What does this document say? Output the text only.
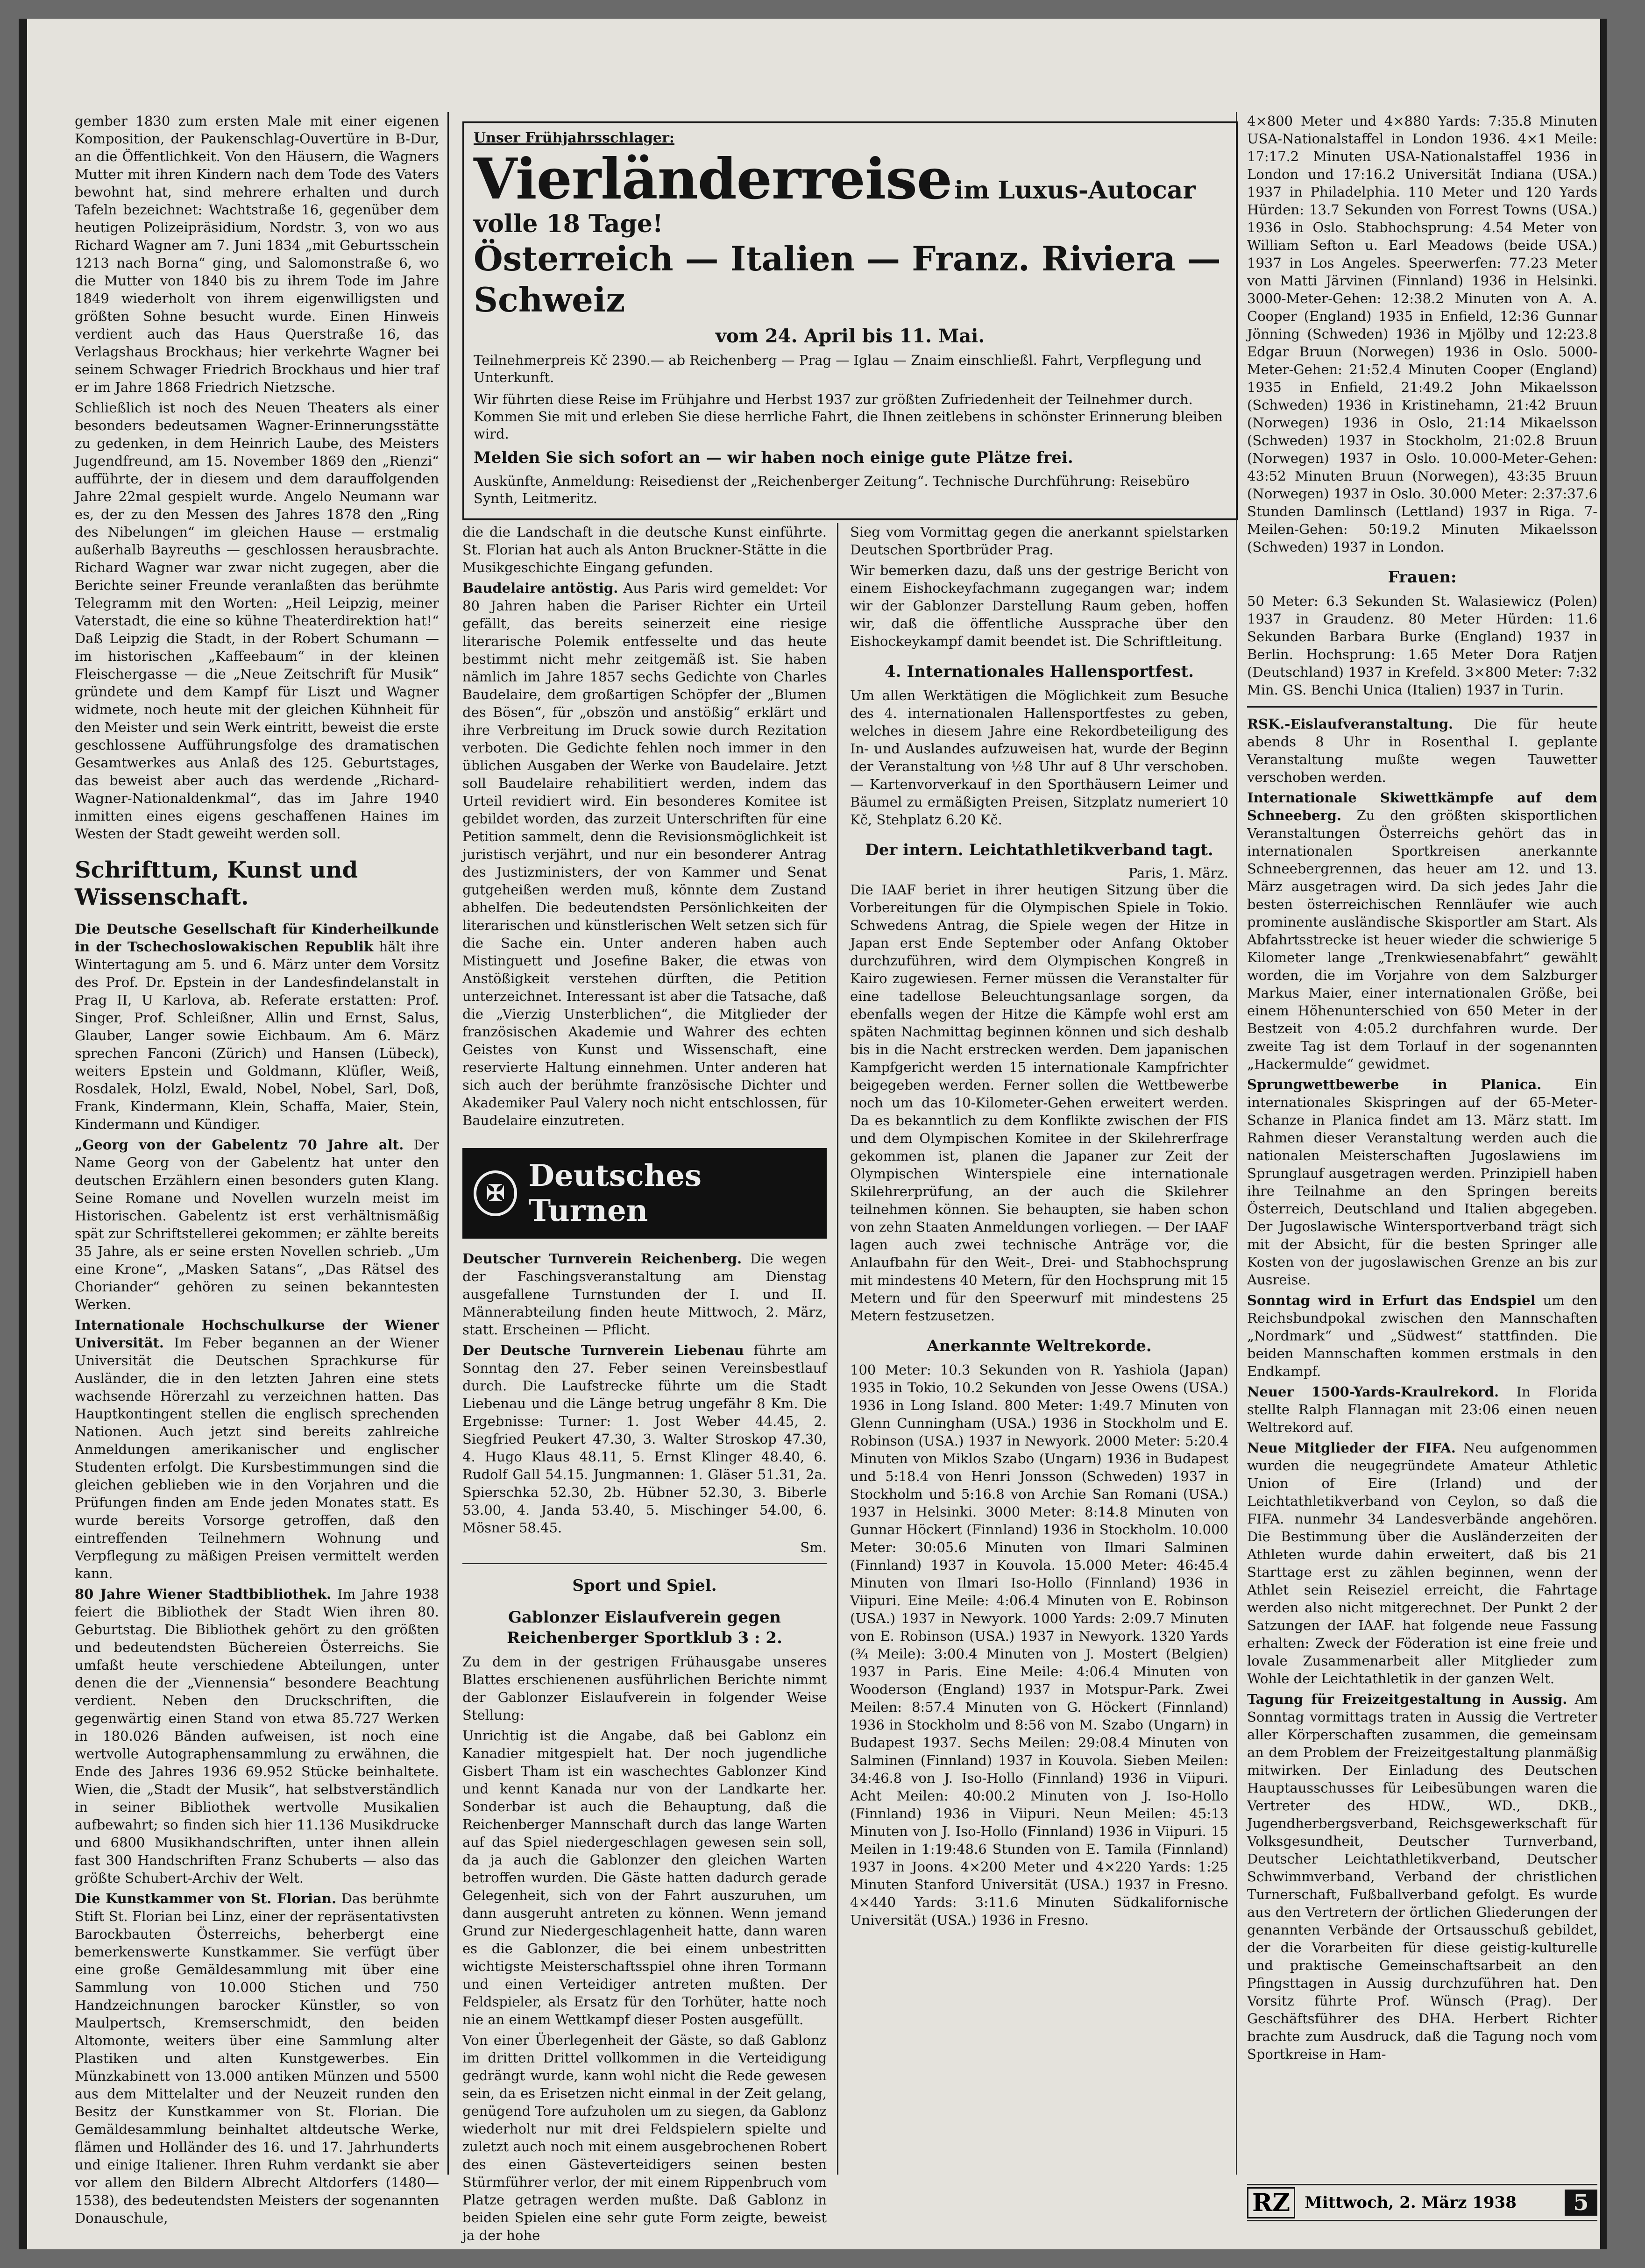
gember 1830 zum ersten Male mit einer eigenen Komposition, der Paukenschlag-Ouvertüre in B-Dur, an die Öffentlichkeit. Von den Häusern, die Wagners Mutter mit ihren Kindern nach dem Tode des Vaters bewohnt hat, sind mehrere erhalten und durch Tafeln bezeichnet: Wachtstraße 16, gegenüber dem heutigen Polizeipräsidium, Nordstr. 3, von wo aus Richard Wagner am 7. Juni 1834 „mit Geburtsschein 1213 nach Borna“ ging, und Salomonstraße 6, wo die Mutter von 1840 bis zu ihrem Tode im Jahre 1849 wiederholt von ihrem eigenwilligsten und größten Sohne besucht wurde. Einen Hinweis verdient auch das Haus Querstraße 16, das Verlagshaus Brockhaus; hier verkehrte Wagner bei seinem Schwager Friedrich Brockhaus und hier traf er im Jahre 1868 Friedrich Nietzsche.

Schließlich ist noch des Neuen Theaters als einer besonders bedeutsamen Wagner-Erinnerungsstätte zu gedenken, in dem Heinrich Laube, des Meisters Jugendfreund, am 15. November 1869 den „Rienzi“ aufführte, der in diesem und dem darauffolgenden Jahre 22mal gespielt wurde. Angelo Neumann war es, der zu den Messen des Jahres 1878 den „Ring des Nibelungen“ im gleichen Hause — erstmalig außerhalb Bayreuths — geschlossen herausbrachte. Richard Wagner war zwar nicht zugegen, aber die Berichte seiner Freunde veranlaßten das berühmte Telegramm mit den Worten: „Heil Leipzig, meiner Vaterstadt, die eine so kühne Theaterdirektion hat!“ Daß Leipzig die Stadt, in der Robert Schumann — im historischen „Kaffeebaum“ in der kleinen Fleischergasse — die „Neue Zeitschrift für Musik“ gründete und dem Kampf für Liszt und Wagner widmete, noch heute mit der gleichen Kühnheit für den Meister und sein Werk eintritt, beweist die erste geschlossene Aufführungsfolge des dramatischen Gesamtwerkes aus Anlaß des 125. Geburtstages, das beweist aber auch das werdende „Richard-Wagner-Nationaldenkmal“, das im Jahre 1940 inmitten eines eigens geschaffenen Haines im Westen der Stadt geweiht werden soll.

Schrifttum, Kunst und Wissenschaft.

Die Deutsche Gesellschaft für Kinderheilkunde in der Tschechoslowakischen Republik hält ihre Wintertagung am 5. und 6. März unter dem Vorsitz des Prof. Dr. Epstein in der Landesfindelanstalt in Prag II, U Karlova, ab. Referate erstatten: Prof. Singer, Prof. Schleißner, Allin und Ernst, Salus, Glauber, Langer sowie Eichbaum. Am 6. März sprechen Fanconi (Zürich) und Hansen (Lübeck), weiters Epstein und Goldmann, Klüfler, Weiß, Rosdalek, Holzl, Ewald, Nobel, Nobel, Sarl, Doß, Frank, Kindermann, Klein, Schaffa, Maier, Stein, Kindermann und Kündiger.

„Georg von der Gabelentz 70 Jahre alt. Der Name Georg von der Gabelentz hat unter den deutschen Erzählern einen besonders guten Klang. Seine Romane und Novellen wurzeln meist im Historischen. Gabelentz ist erst verhältnismäßig spät zur Schriftstellerei gekommen; er zählte bereits 35 Jahre, als er seine ersten Novellen schrieb. „Um eine Krone“, „Masken Satans“, „Das Rätsel des Choriander“ gehören zu seinen bekanntesten Werken.

Internationale Hochschulkurse der Wiener Universität. Im Feber begannen an der Wiener Universität die Deutschen Sprachkurse für Ausländer, die in den letzten Jahren eine stets wachsende Hörerzahl zu verzeichnen hatten. Das Hauptkontingent stellen die englisch sprechenden Nationen. Auch jetzt sind bereits zahlreiche Anmeldungen amerikanischer und englischer Studenten erfolgt. Die Kursbestimmungen sind die gleichen geblieben wie in den Vorjahren und die Prüfungen finden am Ende jeden Monates statt. Es wurde bereits Vorsorge getroffen, daß den eintreffenden Teilnehmern Wohnung und Verpflegung zu mäßigen Preisen vermittelt werden kann.

80 Jahre Wiener Stadtbibliothek. Im Jahre 1938 feiert die Bibliothek der Stadt Wien ihren 80. Geburtstag. Die Bibliothek gehört zu den größten und bedeutendsten Büchereien Österreichs. Sie umfaßt heute verschiedene Abteilungen, unter denen die der „Viennensia“ besondere Beachtung verdient. Neben den Druckschriften, die gegenwärtig einen Stand von etwa 85.727 Werken in 180.026 Bänden aufweisen, ist noch eine wertvolle Autographensammlung zu erwähnen, die Ende des Jahres 1936 69.952 Stücke beinhaltete. Wien, die „Stadt der Musik“, hat selbstverständlich in seiner Bibliothek wertvolle Musikalien aufbewahrt; so finden sich hier 11.136 Musikdrucke und 6800 Musikhandschriften, unter ihnen allein fast 300 Handschriften Franz Schuberts — also das größte Schubert-Archiv der Welt.

Die Kunstkammer von St. Florian. Das berühmte Stift St. Florian bei Linz, einer der repräsentativsten Barockbauten Österreichs, beherbergt eine bemerkenswerte Kunstkammer. Sie verfügt über eine große Gemäldesammlung mit über eine Sammlung von 10.000 Stichen und 750 Handzeichnungen barocker Künstler, so von Maulpertsch, Kremserschmidt, den beiden Altomonte, weiters über eine Sammlung alter Plastiken und alten Kunstgewerbes. Ein Münzkabinett von 13.000 antiken Münzen und 5500 aus dem Mittelalter und der Neuzeit runden den Besitz der Kunstkammer von St. Florian. Die Gemäldesammlung beinhaltet altdeutsche Werke, flämen und Holländer des 16. und 17. Jahrhunderts und einige Italiener. Ihren Ruhm verdankt sie aber vor allem den Bildern Albrecht Altdorfers (1480—1538), des bedeutendsten Meisters der sogenannten Donauschule,

Unser Frühjahrsschlager:
Vierländerreise im Luxus-Autocar volle 18 Tage!
Österreich — Italien — Franz. Riviera — Schweiz
vom 24. April bis 11. Mai.
Teilnehmerpreis Kč 2390.— ab Reichenberg — Prag — Iglau — Znaim einschließl. Fahrt, Verpflegung und Unterkunft.
Wir führten diese Reise im Frühjahre und Herbst 1937 zur größten Zufriedenheit der Teilnehmer durch. Kommen Sie mit und erleben Sie diese herrliche Fahrt, die Ihnen zeitlebens in schönster Erinnerung bleiben wird.
Melden Sie sich sofort an — wir haben noch einige gute Plätze frei.
Auskünfte, Anmeldung: Reisedienst der „Reichenberger Zeitung“. Technische Durchführung: Reisebüro Synth, Leitmeritz.

die die Landschaft in die deutsche Kunst einführte. St. Florian hat auch als Anton Bruckner-Stätte in die Musikgeschichte Eingang gefunden.

Baudelaire antöstig. Aus Paris wird gemeldet: Vor 80 Jahren haben die Pariser Richter ein Urteil gefällt, das bereits seinerzeit eine riesige literarische Polemik entfesselte und das heute bestimmt nicht mehr zeitgemäß ist. Sie haben nämlich im Jahre 1857 sechs Gedichte von Charles Baudelaire, dem großartigen Schöpfer der „Blumen des Bösen“, für „obszön und anstößig“ erklärt und ihre Verbreitung im Druck sowie durch Rezitation verboten. Die Gedichte fehlen noch immer in den üblichen Ausgaben der Werke von Baudelaire. Jetzt soll Baudelaire rehabilitiert werden, indem das Urteil revidiert wird. Ein besonderes Komitee ist gebildet worden, das zurzeit Unterschriften für eine Petition sammelt, denn die Revisionsmöglichkeit ist juristisch verjährt, und nur ein besonderer Antrag des Justizministers, der von Kammer und Senat gutgeheißen werden muß, könnte dem Zustand abhelfen. Die bedeutendsten Persönlichkeiten der literarischen und künstlerischen Welt setzen sich für die Sache ein. Unter anderen haben auch Mistinguett und Josefine Baker, die etwas von Anstößigkeit verstehen dürften, die Petition unterzeichnet. Interessant ist aber die Tatsache, daß die „Vierzig Unsterblichen“, die Mitglieder der französischen Akademie und Wahrer des echten Geistes von Kunst und Wissenschaft, eine reservierte Haltung einnehmen. Unter anderen hat sich auch der berühmte französische Dichter und Akademiker Paul Valery noch nicht entschlossen, für Baudelaire einzutreten.

✠ Deutsches Turnen

Deutscher Turnverein Reichenberg. Die wegen der Faschingsveranstaltung am Dienstag ausgefallene Turnstunden der I. und II. Männerabteilung finden heute Mittwoch, 2. März, statt. Erscheinen — Pflicht.

Der Deutsche Turnverein Liebenau führte am Sonntag den 27. Feber seinen Vereinsbestlauf durch. Die Laufstrecke führte um die Stadt Liebenau und die Länge betrug ungefähr 8 Km. Die Ergebnisse: Turner: 1. Jost Weber 44.45, 2. Siegfried Peukert 47.30, 3. Walter Stroskop 47.30, 4. Hugo Klaus 48.11, 5. Ernst Klinger 48.40, 6. Rudolf Gall 54.15. Jungmannen: 1. Gläser 51.31, 2a. Spierschka 52.30, 2b. Hübner 52.30, 3. Biberle 53.00, 4. Janda 53.40, 5. Mischinger 54.00, 6. Mösner 58.45.

Sm.
Sport und Spiel.
Gablonzer Eislaufverein gegen Reichenberger Sportklub 3 : 2.

Zu dem in der gestrigen Frühausgabe unseres Blattes erschienenen ausführlichen Berichte nimmt der Gablonzer Eislaufverein in folgender Weise Stellung:

Unrichtig ist die Angabe, daß bei Gablonz ein Kanadier mitgespielt hat. Der noch jugendliche Gisbert Tham ist ein waschechtes Gablonzer Kind und kennt Kanada nur von der Landkarte her. Sonderbar ist auch die Behauptung, daß die Reichenberger Mannschaft durch das lange Warten auf das Spiel niedergeschlagen gewesen sein soll, da ja auch die Gablonzer den gleichen Warten betroffen wurden. Die Gäste hatten dadurch gerade Gelegenheit, sich von der Fahrt auszuruhen, um dann ausgeruht antreten zu können. Wenn jemand Grund zur Niedergeschlagenheit hatte, dann waren es die Gablonzer, die bei einem unbestritten wichtigste Meisterschaftsspiel ohne ihren Tormann und einen Verteidiger antreten mußten. Der Feldspieler, als Ersatz für den Torhüter, hatte noch nie an einem Wettkampf dieser Posten ausgefüllt.

Von einer Überlegenheit der Gäste, so daß Gablonz im dritten Drittel vollkommen in die Verteidigung gedrängt wurde, kann wohl nicht die Rede gewesen sein, da es Erisetzen nicht einmal in der Zeit gelang, genügend Tore aufzuholen um zu siegen, da Gablonz wiederholt nur mit drei Feldspielern spielte und zuletzt auch noch mit einem ausgebrochenen Robert des einen Gästeverteidigers seinen besten Stürmführer verlor, der mit einem Rippenbruch vom Platze getragen werden mußte. Daß Gablonz in beiden Spielen eine sehr gute Form zeigte, beweist ja der hohe

Sieg vom Vormittag gegen die anerkannt spielstarken Deutschen Sportbrüder Prag.

Wir bemerken dazu, daß uns der gestrige Bericht von einem Eishockeyfachmann zugegangen war; indem wir der Gablonzer Darstellung Raum geben, hoffen wir, daß die öffentliche Aussprache über den Eishockeykampf damit beendet ist. Die Schriftleitung.

4. Internationales Hallensportfest.

Um allen Werktätigen die Möglichkeit zum Besuche des 4. internationalen Hallensportfestes zu geben, welches in diesem Jahre eine Rekordbeteiligung des In- und Auslandes aufzuweisen hat, wurde der Beginn der Veranstaltung von ½8 Uhr auf 8 Uhr verschoben. — Kartenvorverkauf in den Sporthäusern Leimer und Bäumel zu ermäßigten Preisen, Sitzplatz numeriert 10 Kč, Stehplatz 6.20 Kč.

Der intern. Leichtathletikverband tagt.
Paris, 1. März.

Die IAAF beriet in ihrer heutigen Sitzung über die Vorbereitungen für die Olympischen Spiele in Tokio. Schwedens Antrag, die Spiele wegen der Hitze in Japan erst Ende September oder Anfang Oktober durchzuführen, wird dem Olympischen Kongreß in Kairo zugewiesen. Ferner müssen die Veranstalter für eine tadellose Beleuchtungsanlage sorgen, da ebenfalls wegen der Hitze die Kämpfe wohl erst am späten Nachmittag beginnen können und sich deshalb bis in die Nacht erstrecken werden. Dem japanischen Kampfgericht werden 15 internationale Kampfrichter beigegeben werden. Ferner sollen die Wettbewerbe noch um das 10-Kilometer-Gehen erweitert werden. Da es bekanntlich zu dem Konflikte zwischen der FIS und dem Olympischen Komitee in der Skilehrerfrage gekommen ist, planen die Japaner zur Zeit der Olympischen Winterspiele eine internationale Skilehrerprüfung, an der auch die Skilehrer teilnehmen können. Sie behaupten, sie haben schon von zehn Staaten Anmeldungen vorliegen. — Der IAAF lagen auch zwei technische Anträge vor, die Anlaufbahn für den Weit-, Drei- und Stabhochsprung mit mindestens 40 Metern, für den Hochsprung mit 15 Metern und für den Speerwurf mit mindestens 25 Metern festzusetzen.

Anerkannte Weltrekorde.

100 Meter: 10.3 Sekunden von R. Yashiola (Japan) 1935 in Tokio, 10.2 Sekunden von Jesse Owens (USA.) 1936 in Long Island. 800 Meter: 1:49.7 Minuten von Glenn Cunningham (USA.) 1936 in Stockholm und E. Robinson (USA.) 1937 in Newyork. 2000 Meter: 5:20.4 Minuten von Miklos Szabo (Ungarn) 1936 in Budapest und 5:18.4 von Henri Jonsson (Schweden) 1937 in Stockholm und 5:16.8 von Archie San Romani (USA.) 1937 in Helsinki. 3000 Meter: 8:14.8 Minuten von Gunnar Höckert (Finnland) 1936 in Stockholm. 10.000 Meter: 30:05.6 Minuten von Ilmari Salminen (Finnland) 1937 in Kouvola. 15.000 Meter: 46:45.4 Minuten von Ilmari Iso-Hollo (Finnland) 1936 in Viipuri. Eine Meile: 4:06.4 Minuten von E. Robinson (USA.) 1937 in Newyork. 1000 Yards: 2:09.7 Minuten von E. Robinson (USA.) 1937 in Newyork. 1320 Yards (¾ Meile): 3:00.4 Minuten von J. Mostert (Belgien) 1937 in Paris. Eine Meile: 4:06.4 Minuten von Wooderson (England) 1937 in Motspur-Park. Zwei Meilen: 8:57.4 Minuten von G. Höckert (Finnland) 1936 in Stockholm und 8:56 von M. Szabo (Ungarn) in Budapest 1937. Sechs Meilen: 29:08.4 Minuten von Salminen (Finnland) 1937 in Kouvola. Sieben Meilen: 34:46.8 von J. Iso-Hollo (Finnland) 1936 in Viipuri. Acht Meilen: 40:00.2 Minuten von J. Iso-Hollo (Finnland) 1936 in Viipuri. Neun Meilen: 45:13 Minuten von J. Iso-Hollo (Finnland) 1936 in Viipuri. 15 Meilen in 1:19:48.6 Stunden von E. Tamila (Finnland) 1937 in Joons. 4×200 Meter und 4×220 Yards: 1:25 Minuten Stanford Universität (USA.) 1937 in Fresno. 4×440 Yards: 3:11.6 Minuten Südkalifornische Universität (USA.) 1936 in Fresno.

4×800 Meter und 4×880 Yards: 7:35.8 Minuten USA-Nationalstaffel in London 1936. 4×1 Meile: 17:17.2 Minuten USA-Nationalstaffel 1936 in London und 17:16.2 Universität Indiana (USA.) 1937 in Philadelphia. 110 Meter und 120 Yards Hürden: 13.7 Sekunden von Forrest Towns (USA.) 1936 in Oslo. Stabhochsprung: 4.54 Meter von William Sefton u. Earl Meadows (beide USA.) 1937 in Los Angeles. Speerwerfen: 77.23 Meter von Matti Järvinen (Finnland) 1936 in Helsinki. 3000-Meter-Gehen: 12:38.2 Minuten von A. A. Cooper (England) 1935 in Enfield, 12:36 Gunnar Jönning (Schweden) 1936 in Mjölby und 12:23.8 Edgar Bruun (Norwegen) 1936 in Oslo. 5000-Meter-Gehen: 21:52.4 Minuten Cooper (England) 1935 in Enfield, 21:49.2 John Mikaelsson (Schweden) 1936 in Kristinehamn, 21:42 Bruun (Norwegen) 1936 in Oslo, 21:14 Mikaelsson (Schweden) 1937 in Stockholm, 21:02.8 Bruun (Norwegen) 1937 in Oslo. 10.000-Meter-Gehen: 43:52 Minuten Bruun (Norwegen), 43:35 Bruun (Norwegen) 1937 in Oslo. 30.000 Meter: 2:37:37.6 Stunden Damlinsch (Lettland) 1937 in Riga. 7-Meilen-Gehen: 50:19.2 Minuten Mikaelsson (Schweden) 1937 in London.

Frauen:

50 Meter: 6.3 Sekunden St. Walasiewicz (Polen) 1937 in Graudenz. 80 Meter Hürden: 11.6 Sekunden Barbara Burke (England) 1937 in Berlin. Hochsprung: 1.65 Meter Dora Ratjen (Deutschland) 1937 in Krefeld. 3×800 Meter: 7:32 Min. GS. Benchi Unica (Italien) 1937 in Turin.

RSK.-Eislaufveranstaltung. Die für heute abends 8 Uhr in Rosenthal I. geplante Veranstaltung mußte wegen Tauwetter verschoben werden.

Internationale Skiwettkämpfe auf dem Schneeberg. Zu den größten skisportlichen Veranstaltungen Österreichs gehört das in internationalen Sportkreisen anerkannte Schneebergrennen, das heuer am 12. und 13. März ausgetragen wird. Da sich jedes Jahr die besten österreichischen Rennläufer wie auch prominente ausländische Skisportler am Start. Als Abfahrtsstrecke ist heuer wieder die schwierige 5 Kilometer lange „Trenkwiesenabfahrt“ gewählt worden, die im Vorjahre von dem Salzburger Markus Maier, einer internationalen Größe, bei einem Höhenunterschied von 650 Meter in der Bestzeit von 4:05.2 durchfahren wurde. Der zweite Tag ist dem Torlauf in der sogenannten „Hackermulde“ gewidmet.

Sprungwettbewerbe in Planica. Ein internationales Skispringen auf der 65-Meter-Schanze in Planica findet am 13. März statt. Im Rahmen dieser Veranstaltung werden auch die nationalen Meisterschaften Jugoslawiens im Sprunglauf ausgetragen werden. Prinzipiell haben ihre Teilnahme an den Springen bereits Österreich, Deutschland und Italien abgegeben. Der Jugoslawische Wintersportverband trägt sich mit der Absicht, für die besten Springer alle Kosten von der jugoslawischen Grenze an bis zur Ausreise.

Sonntag wird in Erfurt das Endspiel um den Reichsbundpokal zwischen den Mannschaften „Nordmark“ und „Südwest“ stattfinden. Die beiden Mannschaften kommen erstmals in den Endkampf.

Neuer 1500-Yards-Kraulrekord. In Florida stellte Ralph Flannagan mit 23:06 einen neuen Weltrekord auf.

Neue Mitglieder der FIFA. Neu aufgenommen wurden die neugegründete Amateur Athletic Union of Eire (Irland) und der Leichtathletikverband von Ceylon, so daß die FIFA. nunmehr 34 Landesverbände angehören. Die Bestimmung über die Ausländerzeiten der Athleten wurde dahin erweitert, daß bis 21 Starttage erst zu zählen beginnen, wenn der Athlet sein Reiseziel erreicht, die Fahrtage werden also nicht mitgerechnet. Der Punkt 2 der Satzungen der IAAF. hat folgende neue Fassung erhalten: Zweck der Föderation ist eine freie und lovale Zusammenarbeit aller Mitglieder zum Wohle der Leichtathletik in der ganzen Welt.

Tagung für Freizeitgestaltung in Aussig. Am Sonntag vormittags traten in Aussig die Vertreter aller Körperschaften zusammen, die gemeinsam an dem Problem der Freizeitgestaltung planmäßig mitwirken. Der Einladung des Deutschen Hauptausschusses für Leibesübungen waren die Vertreter des HDW., WD., DKB., Jugendherbergsverband, Reichsgewerkschaft für Volksgesundheit, Deutscher Turnverband, Deutscher Leichtathletikverband, Deutscher Schwimmverband, Verband der christlichen Turnerschaft, Fußballverband gefolgt. Es wurde aus den Vertretern der örtlichen Gliederungen der genannten Verbände der Ortsausschuß gebildet, der die Vorarbeiten für diese geistig-kulturelle und praktische Gemeinschaftsarbeit an den Pfingsttagen in Aussig durchzuführen hat. Den Vorsitz führte Prof. Wünsch (Prag). Der Geschäftsführer des DHA. Herbert Richter brachte zum Ausdruck, daß die Tagung noch vom Sportkreise in Ham-

RZ Mittwoch, 2. März 1938	5
